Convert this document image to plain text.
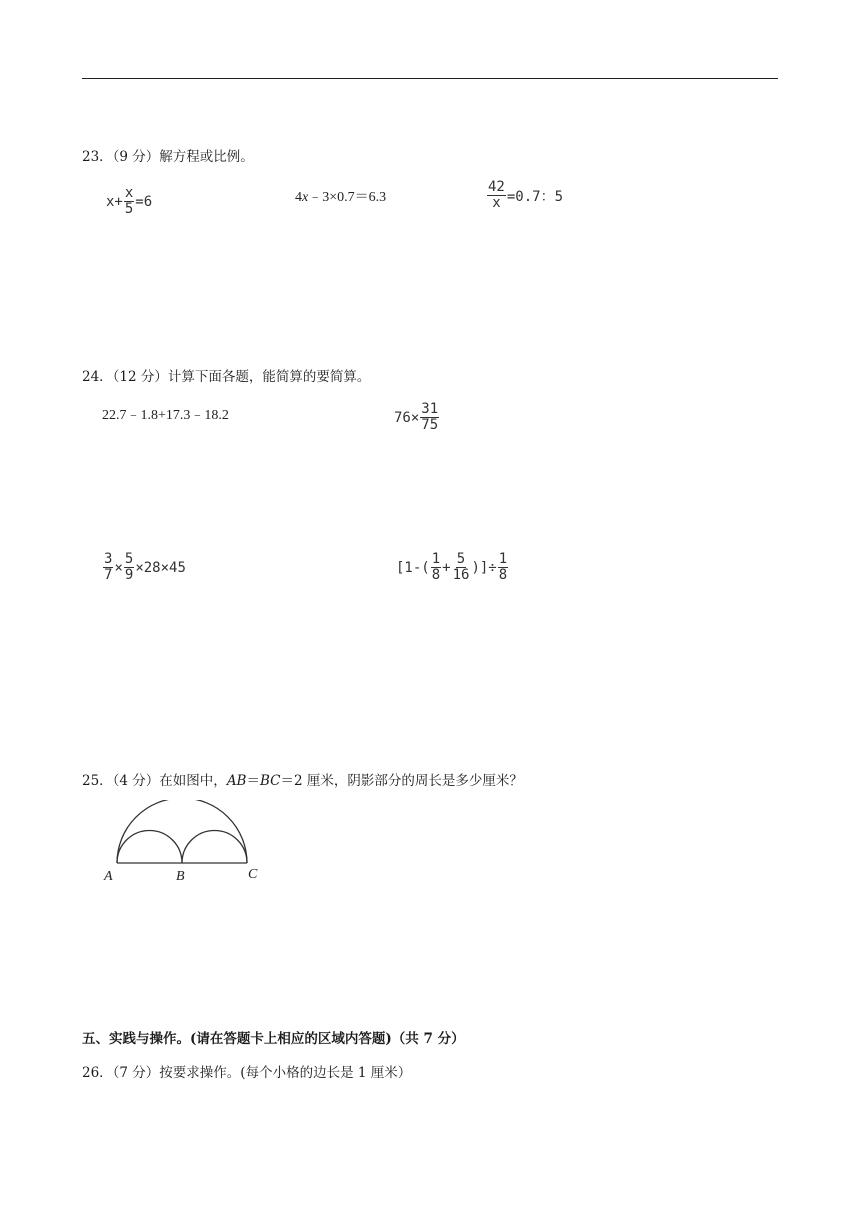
23．（9 分）解方程或比例。
$x+ \frac{x}{5} =6$	4x﹣3×0.7＝6.3	$\frac{42}{x} =0.7$：5
24．（12 分）计算下面各题，能简算的要简算。
22.7﹣1.8+17.3﹣18.2	$76\times \frac{31}{75}$
$\frac{3}{7} \times \frac{5}{9} \times 28\times 45$	[$1-( \frac{1}{8} + \frac{5}{16}$ )]÷ $\frac{1}{8}$
25．（4 分）在如图中，AB＝BC＝2 厘米，阴影部分的周长是多少厘米？
A	B	C
五、实践与操作。(请在答题卡上相应的区域内答题)（共 7 分）
26．（7 分）按要求操作。(每个小格的边长是 1 厘米）
